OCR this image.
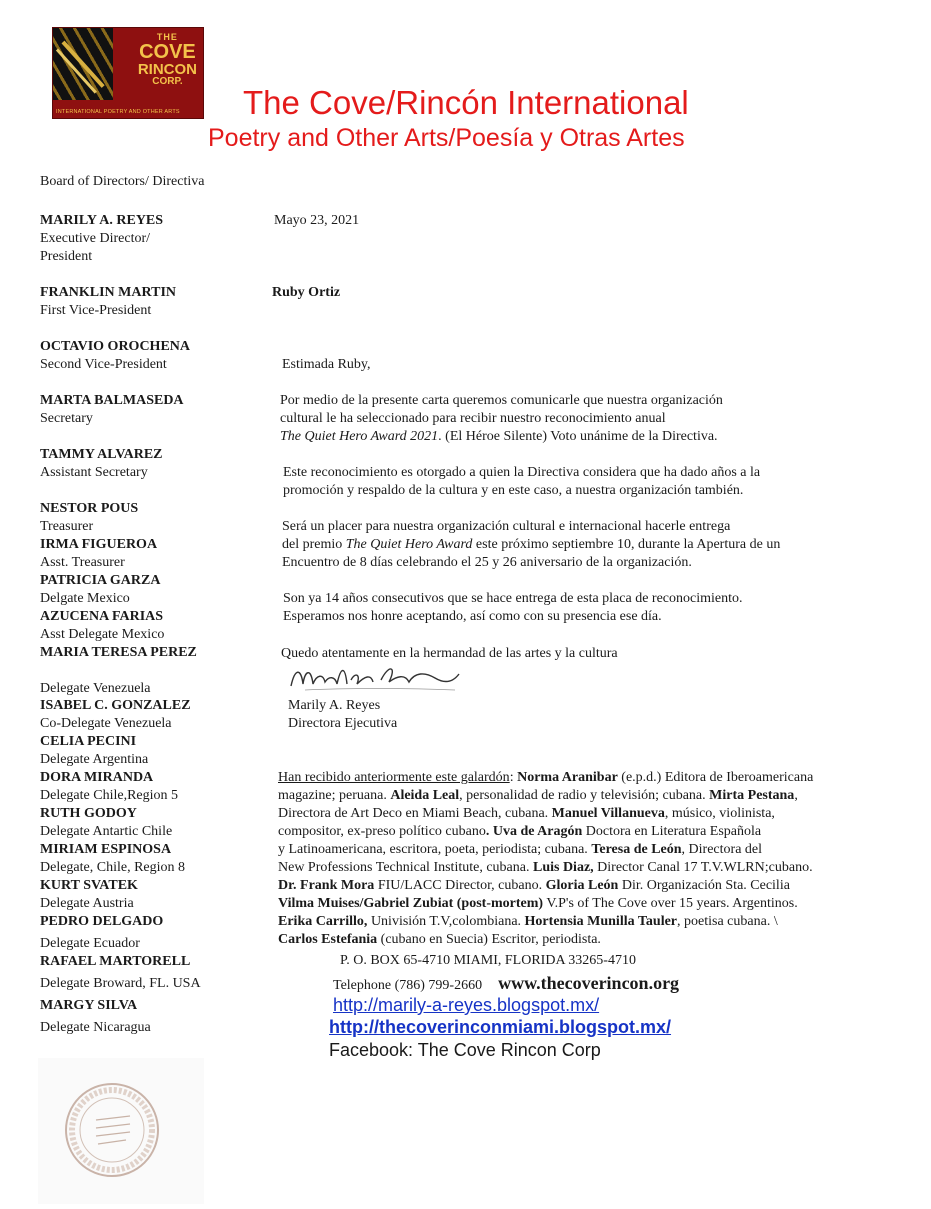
THE
COVE
RINCON
CORP.
INTERNATIONAL POETRY AND OTHER ARTS The Cove/Rincón International
Poetry and Other Arts/Poesía y Otras Artes
Board of Directors/ Directiva
MARILY A. REYES
Executive Director/
President
FRANKLIN MARTIN
First Vice-President
OCTAVIO OROCHENA
Second Vice-President
MARTA BALMASEDA
Secretary
TAMMY ALVAREZ
Assistant Secretary
NESTOR POUS
Treasurer
IRMA FIGUEROA
Asst. Treasurer
PATRICIA GARZA
Delgate Mexico
AZUCENA FARIAS
Asst Delegate Mexico
MARIA TERESA PEREZ
Delegate Venezuela
ISABEL C. GONZALEZ
Co-Delegate Venezuela
CELIA PECINI
Delegate Argentina
DORA MIRANDA
Delegate Chile,Region 5
RUTH GODOY
Delegate Antartic Chile
MIRIAM ESPINOSA
Delegate, Chile, Region 8
KURT SVATEK
Delegate Austria
PEDRO DELGADO
Delegate Ecuador
RAFAEL MARTORELL
Delegate Broward, FL. USA
MARGY SILVA
Delegate Nicaragua
Mayo 23, 2021
Ruby Ortiz
Estimada Ruby,
Por medio de la presente carta queremos comunicarle que nuestra organización
cultural le ha seleccionado para recibir nuestro reconocimiento anual
The Quiet Hero Award 2021. (El Héroe Silente) Voto unánime de la Directiva.
Este reconocimiento es otorgado a quien la Directiva considera que ha dado años a la
promoción y respaldo de la cultura y en este caso, a nuestra organización también.
Será un placer para nuestra organización cultural e internacional hacerle entrega
del premio The Quiet Hero Award este próximo septiembre 10, durante la Apertura de un
Encuentro de 8 días celebrando el 25 y 26 aniversario de la organización.
Son ya 14 años consecutivos que se hace entrega de esta placa de reconocimiento.
Esperamos nos honre aceptando, así como con su presencia ese día.
Quedo atentamente en la hermandad de las artes y la cultura
Marily A. Reyes
Directora Ejecutiva
Han recibido anteriormente este galardón: Norma Aranibar (e.p.d.) Editora de Iberoamericana
magazine; peruana. Aleida Leal, personalidad de radio y televisión; cubana. Mirta Pestana,
Directora de Art Deco en Miami Beach, cubana. Manuel Villanueva, músico, violinista,
compositor, ex-preso político cubano. Uva de Aragón Doctora en Literatura Española
y Latinoamericana, escritora, poeta, periodista; cubana. Teresa de León, Directora del
New Professions Technical Institute, cubana. Luis Diaz, Director Canal 17 T.V.WLRN;cubano.
Dr. Frank Mora FIU/LACC Director, cubano. Gloria León Dir. Organización Sta. Cecilia
Vilma Muises/Gabriel Zubiat (post-mortem) V.P's of The Cove over 15 years. Argentinos.
Erika Carrillo, Univisión T.V,colombiana. Hortensia Munilla Tauler, poetisa cubana. \
Carlos Estefania (cubano en Suecia) Escritor, periodista.
P. O. BOX 65-4710 MIAMI, FLORIDA 33265-4710
Telephone (786) 799-2660 www.thecoverincon.org
http://marily-a-reyes.blogspot.mx/
http://thecoverinconmiami.blogspot.mx/
Facebook: The Cove Rincon Corp
